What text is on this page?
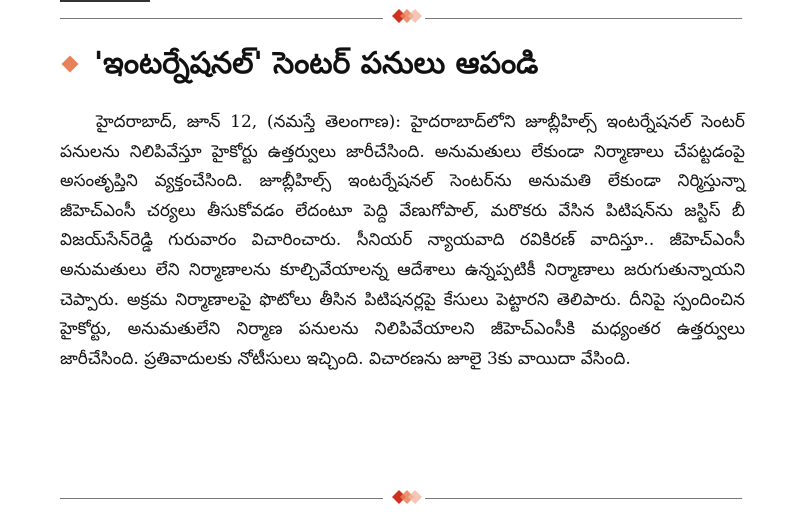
'ఇంటర్నేషనల్' సెంటర్ పనులు ఆపండి

హైదరాబాద్, జూన్ 12, (నమస్తే తెలంగాణ): హైదరాబాద్‌లోని జూబ్లీహిల్స్ ఇంటర్నేషనల్ సెంటర్ పనులను నిలిపివేస్తూ హైకోర్టు ఉత్తర్వులు జారీచేసింది. అనుమతులు లేకుండా నిర్మాణాలు చేపట్టడంపై అసంతృప్తిని వ్యక్తంచేసింది. జూబ్లీహిల్స్ ఇంటర్నేషనల్ సెంటర్‌ను అనుమతి లేకుండా నిర్మిస్తున్నా జీహెచ్‌ఎంసీ చర్యలు తీసుకోవడం లేదంటూ పెద్ది వేణుగోపాల్, మరొకరు వేసిన పిటిషన్‌ను జస్టిస్ బీ విజయ్‌సేన్‌రెడ్డి గురువారం విచారించారు. సీనియర్ న్యాయవాది రవికిరణ్ వాదిస్తూ.. జీహెచ్‌ఎంసీ అనుమతులు లేని నిర్మాణాలను కూల్చివేయాలన్న ఆదేశాలు ఉన్నప్పటికీ నిర్మాణాలు జరుగుతున్నాయని చెప్పారు. అక్రమ నిర్మాణాలపై ఫొటోలు తీసిన పిటిషనర్లపై కేసులు పెట్టారని తెలిపారు. దీనిపై స్పందించిన హైకోర్టు, అనుమతులేని నిర్మాణ పనులను నిలిపివేయాలని జీహెచ్‌ఎంసీకి మధ్యంతర ఉత్తర్వులు జారీచేసింది. ప్రతివాదులకు నోటీసులు ఇచ్చింది. విచారణను జూలై 3కు వాయిదా వేసింది.
